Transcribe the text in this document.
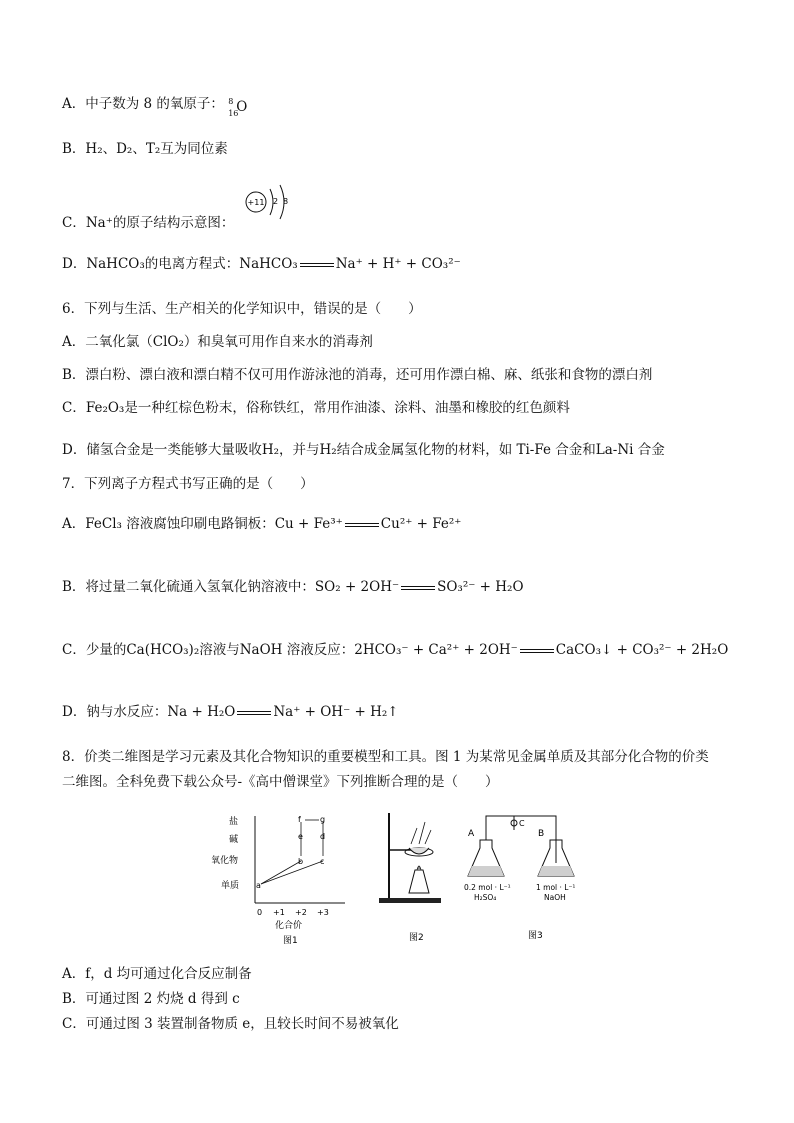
A．中子数为 8 的氧原子： 8
16
O
B．H₂、D₂、T₂互为同位素
C．Na⁺的原子结构示意图：
+11 2 8
D．NaHCO₃的电离方程式：NaHCO₃	Na⁺ + H⁺ + CO₃²⁻
6．下列与生活、生产相关的化学知识中，错误的是（　　）
A．二氧化氯（ClO₂）和臭氧可用作自来水的消毒剂
B．漂白粉、漂白液和漂白精不仅可用作游泳池的消毒，还可用作漂白棉、麻、纸张和食物的漂白剂
C．Fe₂O₃是一种红棕色粉末，俗称铁红，常用作油漆、涂料、油墨和橡胶的红色颜料
D．储氢合金是一类能够大量吸收H₂，并与H₂结合成金属氢化物的材料，如 Ti-Fe 合金和La-Ni 合金
7．下列离子方程式书写正确的是（　　）
A．FeCl₃ 溶液腐蚀印刷电路铜板：Cu + Fe³⁺	Cu²⁺ + Fe²⁺
B．将过量二氧化硫通入氢氧化钠溶液中：SO₂ + 2OH⁻	SO₃²⁻ + H₂O
C．少量的Ca(HCO₃)₂溶液与NaOH 溶液反应：2HCO₃⁻ + Ca²⁺ + 2OH⁻	CaCO₃↓ + CO₃²⁻ + 2H₂O
D．钠与水反应：Na + H₂O	Na⁺ + OH⁻ + H₂↑
8．价类二维图是学习元素及其化合物知识的重要模型和工具。图 1 为某常见金属单质及其部分化合物的价类
二维图。全科免费下载公众号-《高中僧课堂》下列推断合理的是（　　）
盐
碱
氧化物
单质
0 +1 +2 +3
化合价
图1
a
b c
d
e
f g
图2
A	B
C
0.2 mol · L⁻¹
H₂SO₄
1 mol · L⁻¹
NaOH
图3
A．f，d 均可通过化合反应制备
B．可通过图 2 灼烧 d 得到 c
C．可通过图 3 装置制备物质 e，且较长时间不易被氧化
